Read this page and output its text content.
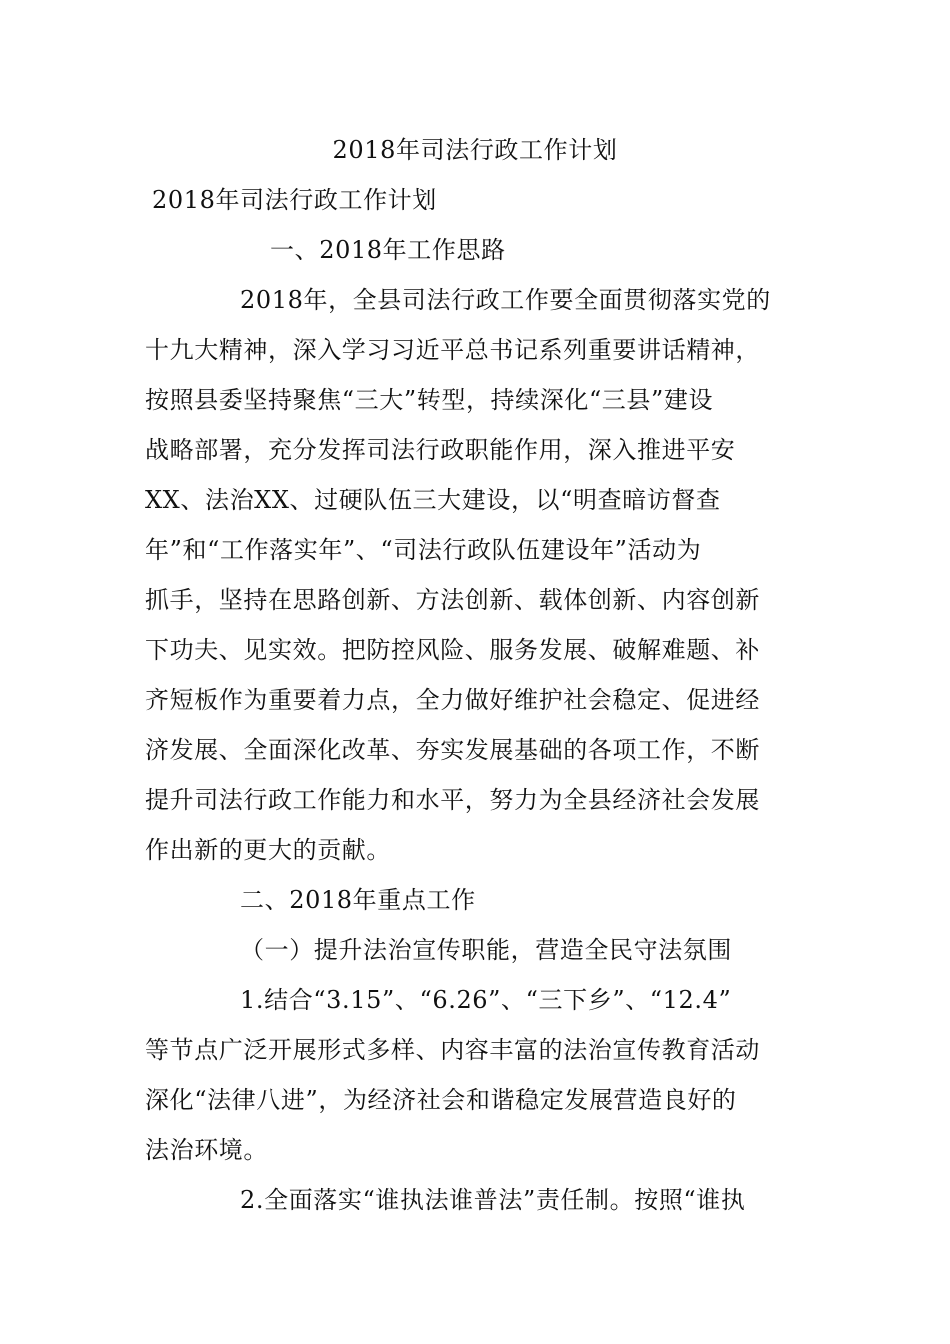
2018年司法行政工作计划
2018年司法行政工作计划
一、2018年工作思路
2018年，全县司法行政工作要全面贯彻落实党的
十九大精神，深入学习习近平总书记系列重要讲话精神，
按照县委坚持聚焦“三大”转型，持续深化“三县”建设
战略部署，充分发挥司法行政职能作用，深入推进平安
XX、法治XX、过硬队伍三大建设，以“明查暗访督查
年”和“工作落实年”、“司法行政队伍建设年”活动为
抓手，坚持在思路创新、方法创新、载体创新、内容创新
下功夫、见实效。把防控风险、服务发展、破解难题、补
齐短板作为重要着力点，全力做好维护社会稳定、促进经
济发展、全面深化改革、夯实发展基础的各项工作，不断
提升司法行政工作能力和水平，努力为全县经济社会发展
作出新的更大的贡献。
二、2018年重点工作
（一）提升法治宣传职能，营造全民守法氛围
1.结合“3.15”、“6.26”、“三下乡”、“12.4”
等节点广泛开展形式多样、内容丰富的法治宣传教育活动
深化“法律八进”，为经济社会和谐稳定发展营造良好的
法治环境。
2.全面落实“谁执法谁普法”责任制。按照“谁执
